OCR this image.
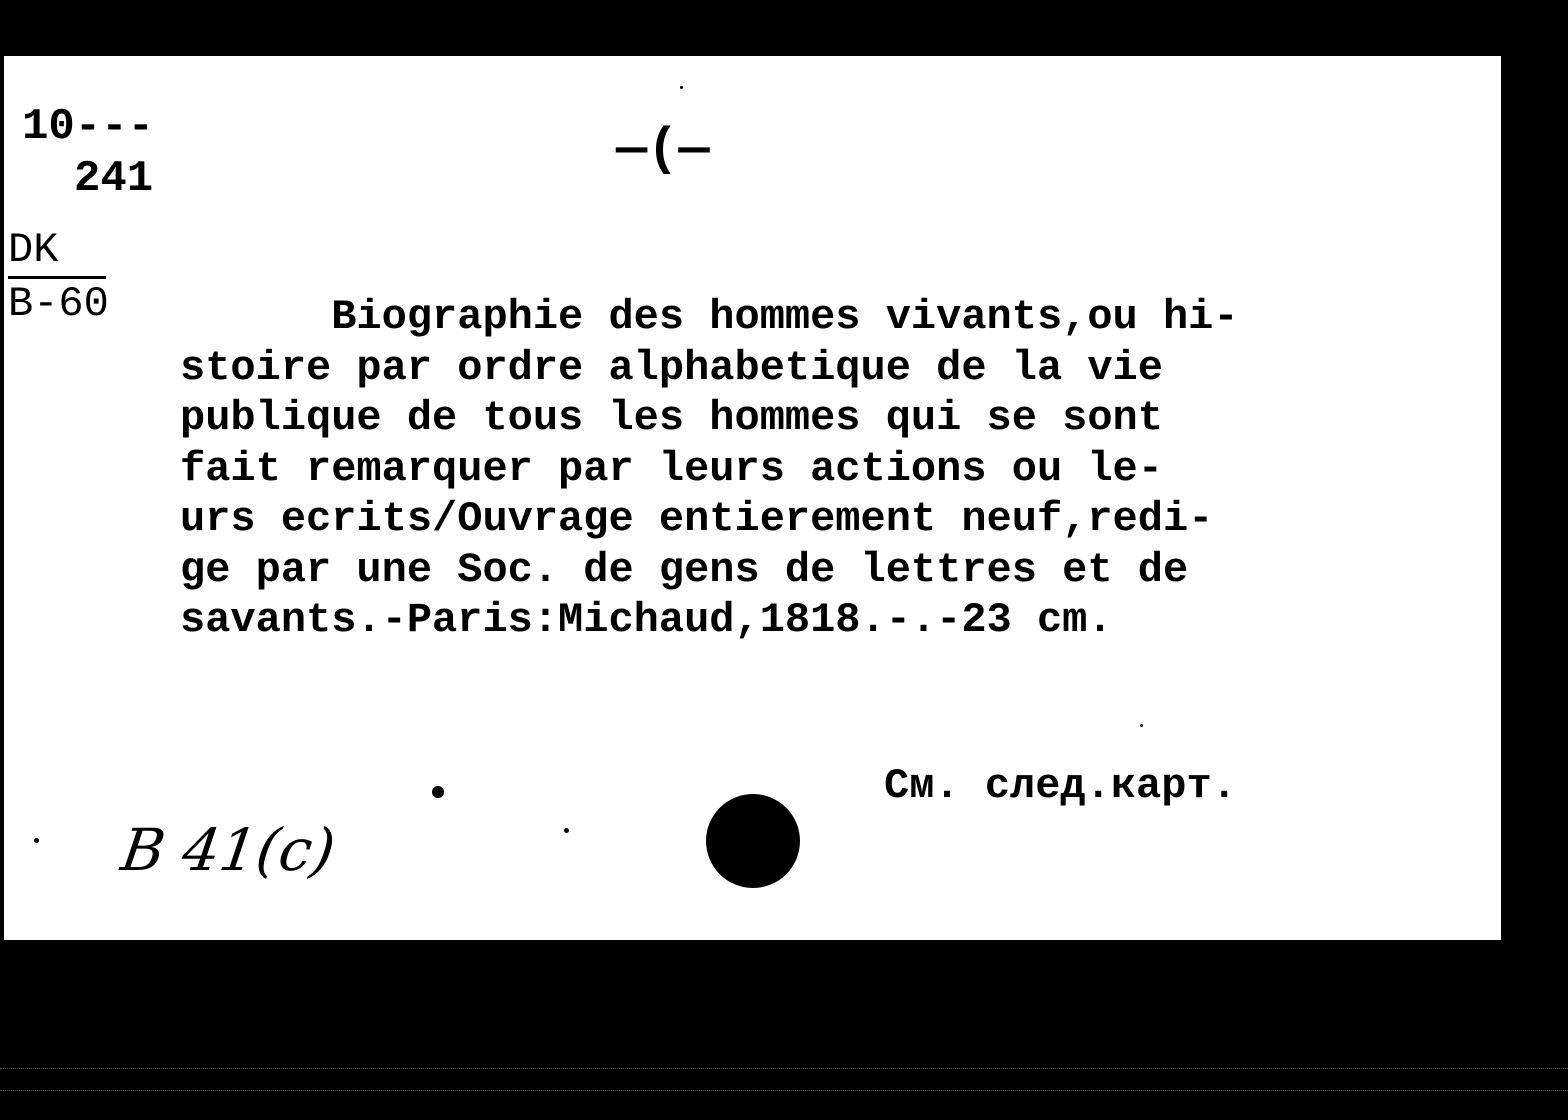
10---
241
DK
B-60
—(—
Biographie des hommes vivants,ou hi-
stoire par ordre alphabetique de la vie
publique de tous les hommes qui se sont
fait remarquer par leurs actions ou le-
urs ecrits/Ouvrage entierement neuf,redi-
ge par une Soc. de gens de lettres et de
savants.-Paris:Michaud,1818.-.-23 cm.
См. след.карт.
B 41(c)
